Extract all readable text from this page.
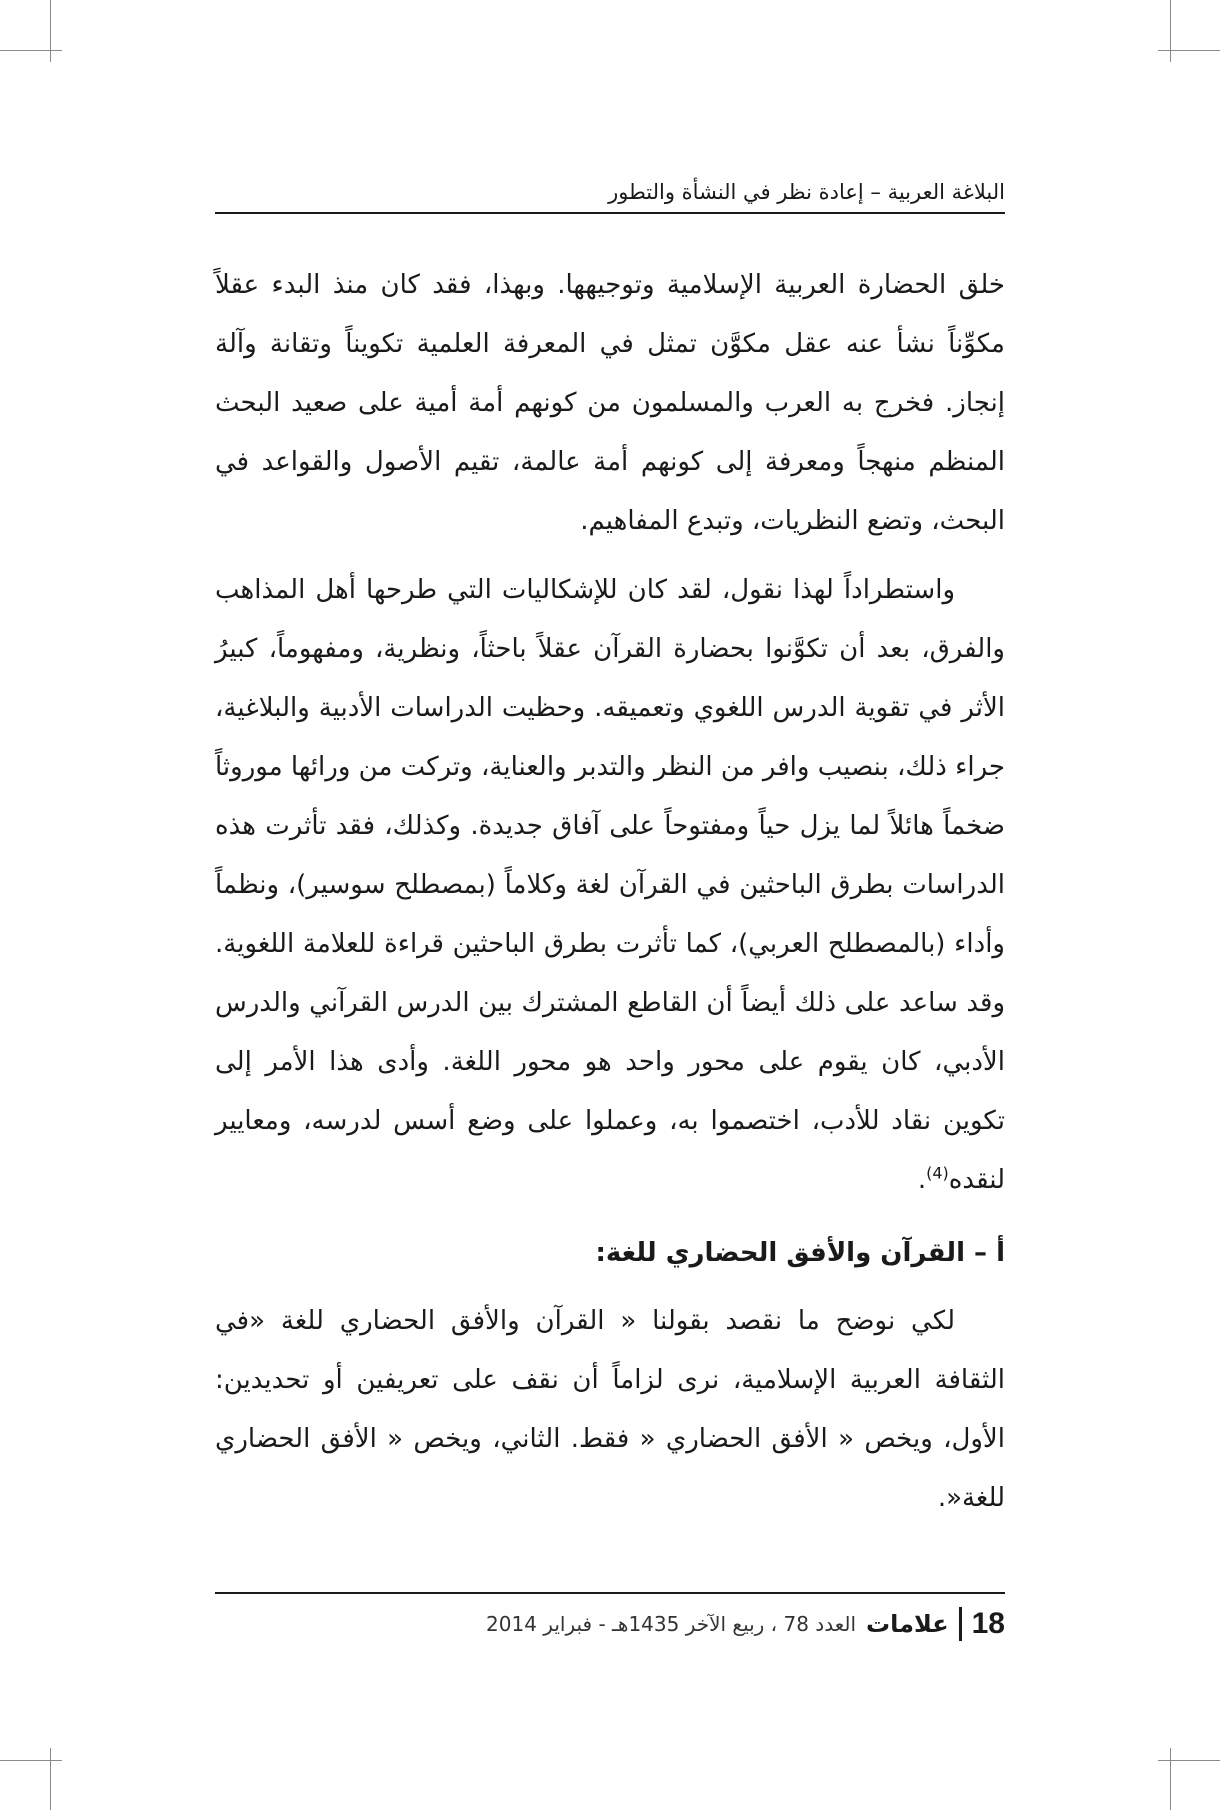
البلاغة العربية – إعادة نظر في النشأة والتطور

خلق الحضارة العربية الإسلامية وتوجيهها. وبهذا، فقد كان منذ البدء عقلاً مكوِّناً نشأ عنه عقل مكوَّن تمثل في المعرفة العلمية تكويناً وتقانة وآلة إنجاز. فخرج به العرب والمسلمون من كونهم أمة أمية على صعيد البحث المنظم منهجاً ومعرفة إلى كونهم أمة عالمة، تقيم الأصول والقواعد في البحث، وتضع النظريات، وتبدع المفاهيم.

واستطراداً لهذا نقول، لقد كان للإشكاليات التي طرحها أهل المذاهب والفرق، بعد أن تكوَّنوا بحضارة القرآن عقلاً باحثاً، ونظرية، ومفهوماً، كبيرُ الأثر في تقوية الدرس اللغوي وتعميقه. وحظيت الدراسات الأدبية والبلاغية، جراء ذلك، بنصيب وافر من النظر والتدبر والعناية، وتركت من ورائها موروثاً ضخماً هائلاً لما يزل حياً ومفتوحاً على آفاق جديدة. وكذلك، فقد تأثرت هذه الدراسات بطرق الباحثين في القرآن لغة وكلاماً (بمصطلح سوسير)، ونظماً وأداء (بالمصطلح العربي)، كما تأثرت بطرق الباحثين قراءة للعلامة اللغوية. وقد ساعد على ذلك أيضاً أن القاطع المشترك بين الدرس القرآني والدرس الأدبي، كان يقوم على محور واحد هو محور اللغة. وأدى هذا الأمر إلى تكوين نقاد للأدب، اختصموا به، وعملوا على وضع أسس لدرسه، ومعايير لنقده$^{(4)}$.

أ – القرآن والأفق الحضاري للغة:

لكي نوضح ما نقصد بقولنا « القرآن والأفق الحضاري للغة «في الثقافة العربية الإسلامية، نرى لزاماً أن نقف على تعريفين أو تحديدين: الأول، ويخص « الأفق الحضاري « فقط. الثاني، ويخص « الأفق الحضاري للغة«.

18
علامات
العدد 78 ، ربيع الآخر 1435هـ - فبراير 2014
